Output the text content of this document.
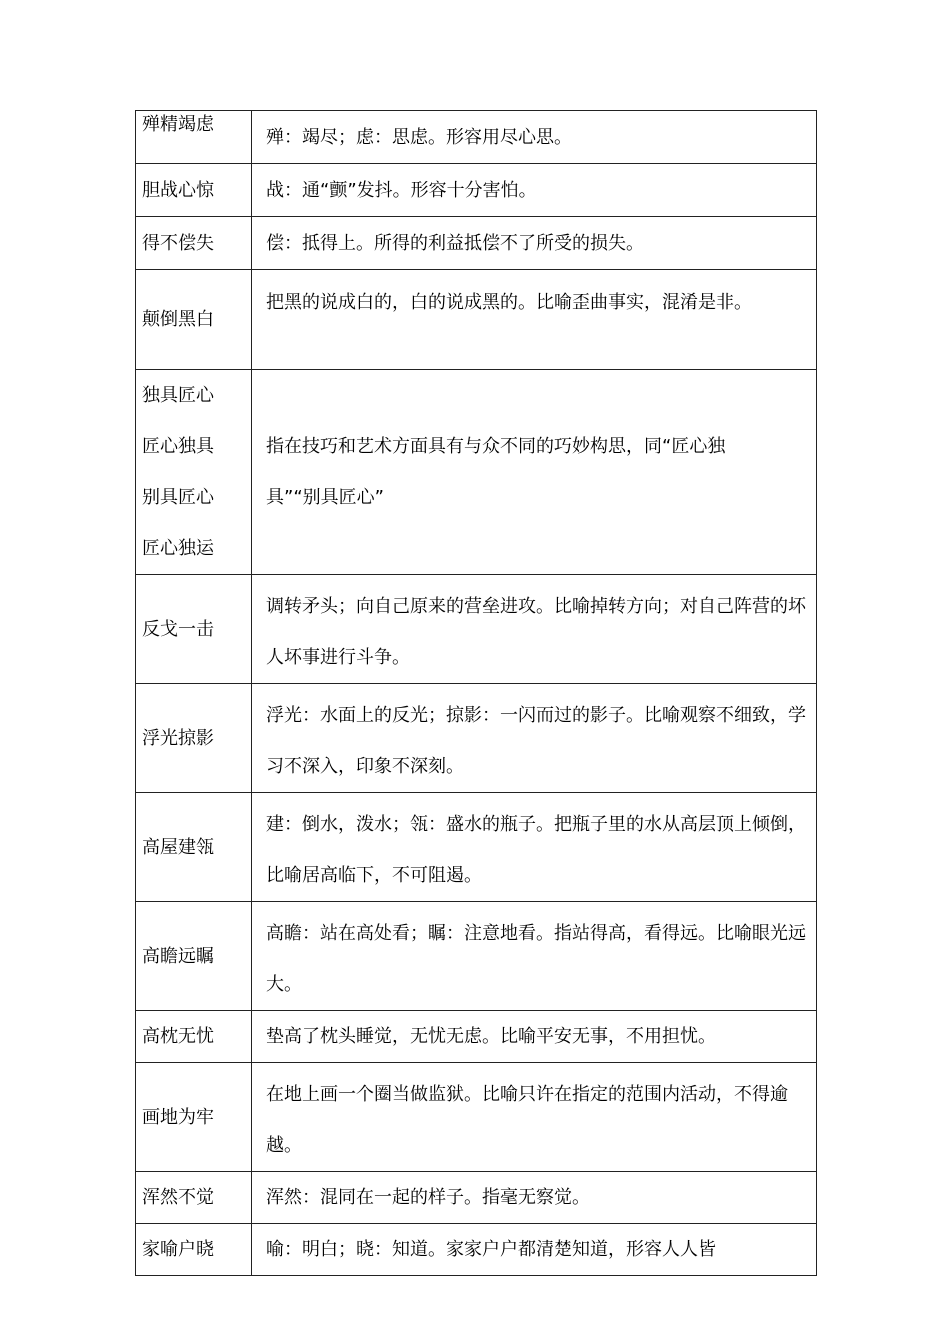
殚精竭虑	殚：竭尽；虑：思虑。形容用尽心思。

胆战心惊	战：通“颤”发抖。形容十分害怕。

得不偿失	偿：抵得上。所得的利益抵偿不了所受的损失。

颠倒黑白	把黑的说成白的，白的说成黑的。比喻歪曲事实，混淆是非。

独具匠心
匠心独具
别具匠心
匠心独运	指在技巧和艺术方面具有与众不同的巧妙构思，同“匠心独具”“别具匠心”

反戈一击	调转矛头；向自己原来的营垒进攻。比喻掉转方向；对自己阵营的坏人坏事进行斗争。

浮光掠影	浮光：水面上的反光；掠影：一闪而过的影子。比喻观察不细致，学习不深入，印象不深刻。

高屋建瓴	建：倒水，泼水；瓴：盛水的瓶子。把瓶子里的水从高层顶上倾倒，比喻居高临下，不可阻遏。

高瞻远瞩	高瞻：站在高处看；瞩：注意地看。指站得高，看得远。比喻眼光远大。

高枕无忧	垫高了枕头睡觉，无忧无虑。比喻平安无事，不用担忧。

画地为牢	在地上画一个圈当做监狱。比喻只许在指定的范围内活动，不得逾越。

浑然不觉	浑然：混同在一起的样子。指毫无察觉。

家喻户晓	喻：明白；晓：知道。家家户户都清楚知道，形容人人皆
